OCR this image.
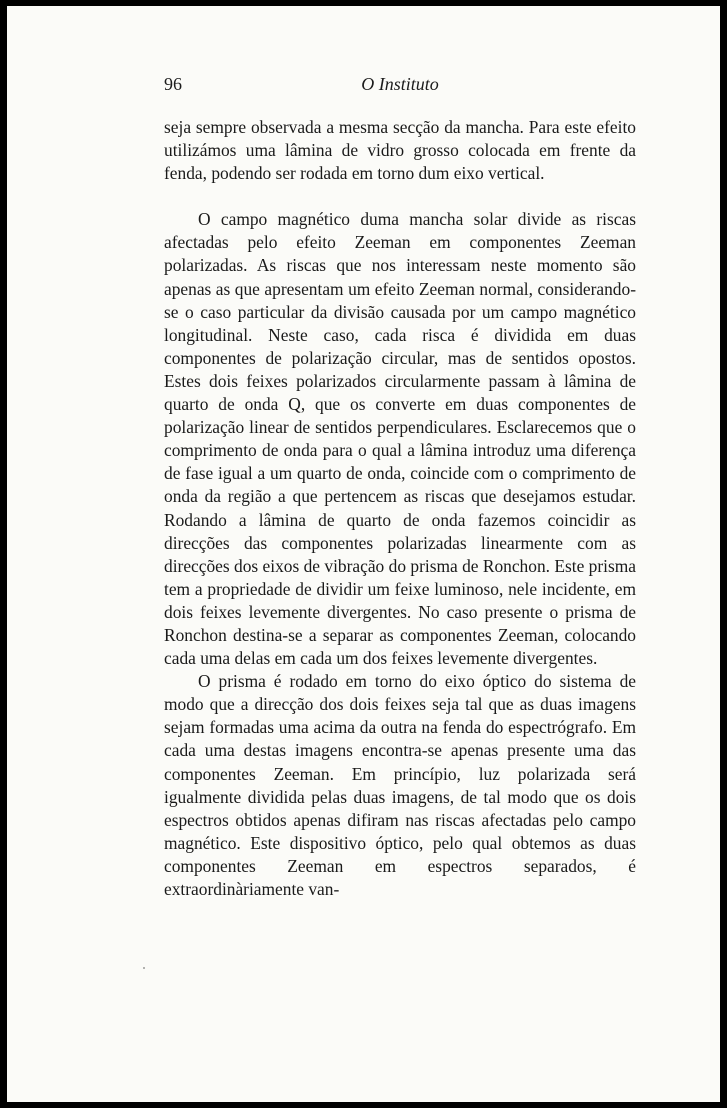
96	O Instituto

seja sempre observada a mesma secção da mancha. Para este efeito utilizámos uma lâmina de vidro grosso colocada em frente da fenda, podendo ser rodada em torno dum eixo vertical.

O campo magnético duma mancha solar divide as riscas afectadas pelo efeito Zeeman em componentes Zeeman polarizadas. As riscas que nos interessam neste momento são apenas as que apresentam um efeito Zeeman normal, considerando-se o caso particular da divisão causada por um campo magnético longitudinal. Neste caso, cada risca é dividida em duas componentes de polarização circular, mas de sentidos opostos. Estes dois feixes polarizados circularmente passam à lâmina de quarto de onda Q, que os converte em duas componentes de polarização linear de sentidos perpendiculares. Esclarecemos que o comprimento de onda para o qual a lâmina introduz uma diferença de fase igual a um quarto de onda, coincide com o comprimento de onda da região a que pertencem as riscas que desejamos estudar. Rodando a lâmina de quarto de onda fazemos coincidir as direcções das componentes polarizadas linearmente com as direcções dos eixos de vibração do prisma de Ronchon. Este prisma tem a propriedade de dividir um feixe luminoso, nele incidente, em dois feixes levemente divergentes. No caso presente o prisma de Ronchon destina-se a separar as componentes Zeeman, colocando cada uma delas em cada um dos feixes levemente divergentes.

O prisma é rodado em torno do eixo óptico do sistema de modo que a direcção dos dois feixes seja tal que as duas imagens sejam formadas uma acima da outra na fenda do espectrógrafo. Em cada uma destas imagens encontra-se apenas presente uma das componentes Zeeman. Em princípio, luz polarizada será igualmente dividida pelas duas imagens, de tal modo que os dois espectros obtidos apenas difiram nas riscas afectadas pelo campo magnético. Este dispositivo óptico, pelo qual obtemos as duas componentes Zeeman em espectros separados, é extraordinàriamente van-
